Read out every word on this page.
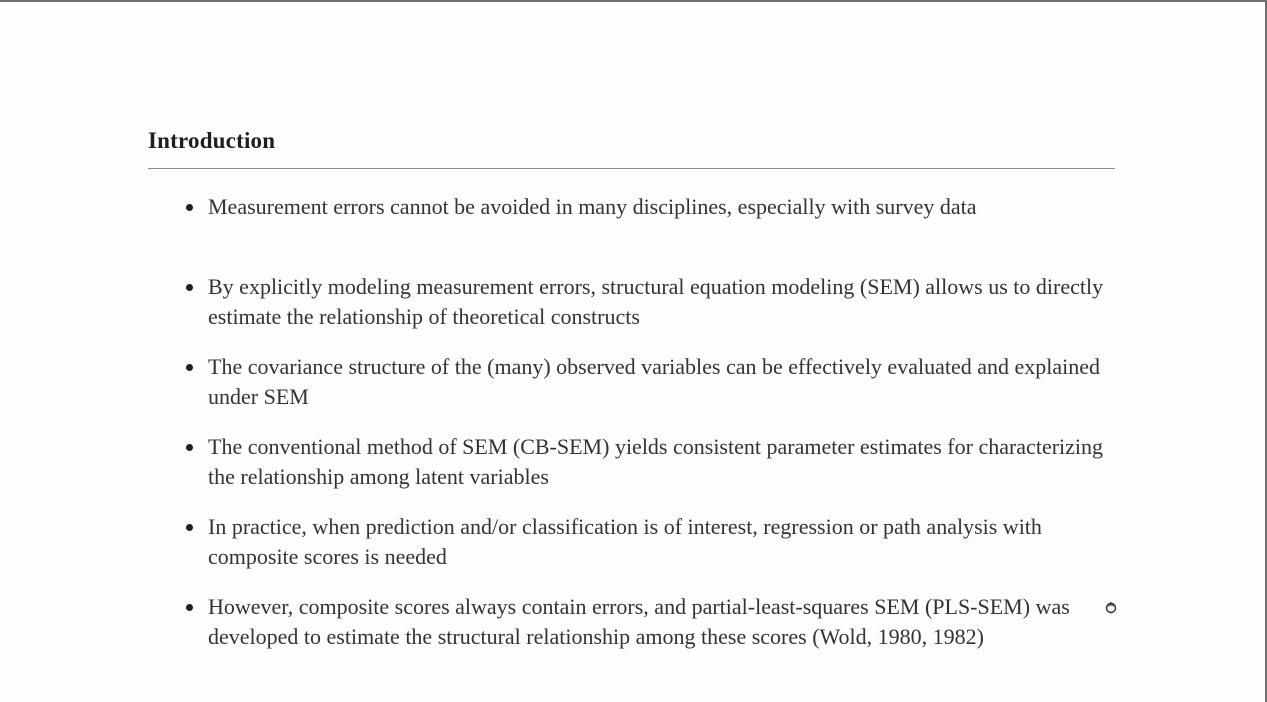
Introduction
Measurement errors cannot be avoided in many disciplines, especially with survey data
By explicitly modeling measurement errors, structural equation modeling (SEM) allows us to directly estimate the relationship of theoretical constructs
The covariance structure of the (many) observed variables can be effectively evaluated and explained under SEM
The conventional method of SEM (CB-SEM) yields consistent parameter estimates for characterizing the relationship among latent variables
In practice, when prediction and/or classification is of interest, regression or path analysis with composite scores is needed
However, composite scores always contain errors, and partial-least-squares SEM (PLS-SEM) was developed to estimate the structural relationship among these scores (Wold, 1980, 1982)
